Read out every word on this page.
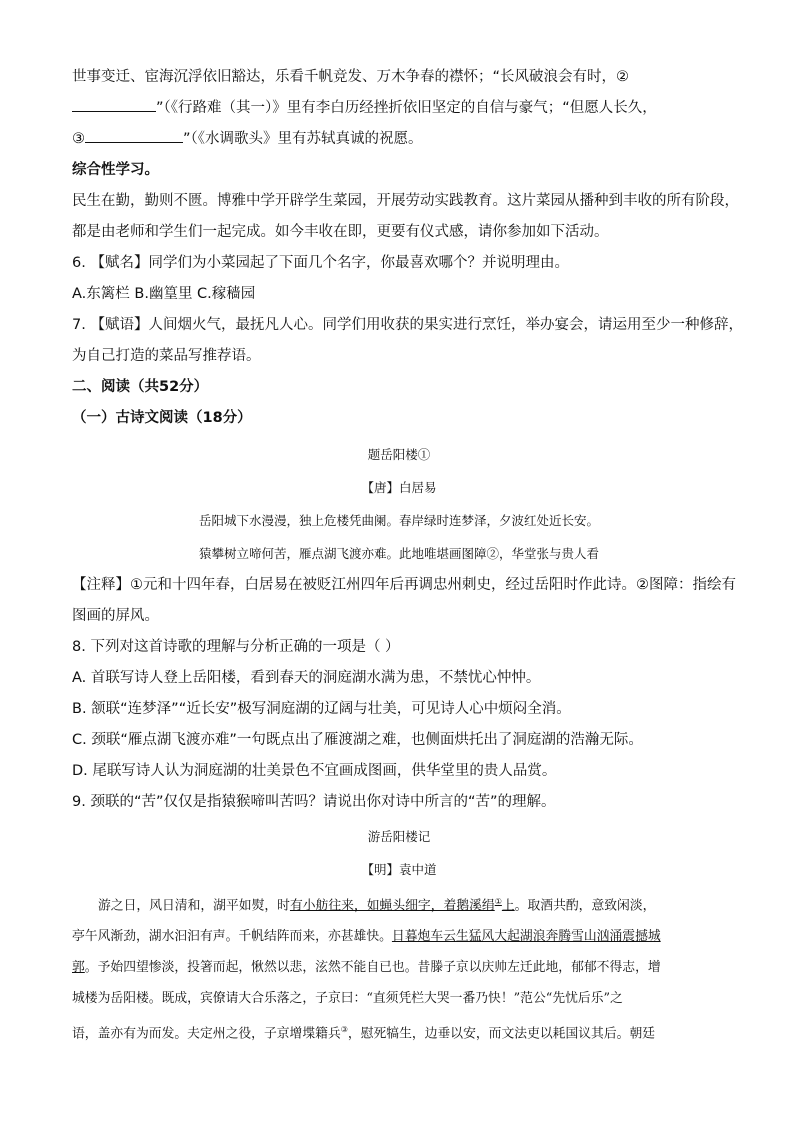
世事变迁、宦海沉浮依旧豁达，乐看千帆竞发、万木争春的襟怀；“长风破浪会有时，②
”（《行路难（其一）》里有李白历经挫折依旧坚定的自信与豪气；“但愿人长久，
③	”（《水调歌头》里有苏轼真诚的祝愿。
综合性学习。
民生在勤，勤则不匮。博雅中学开辟学生菜园，开展劳动实践教育。这片菜园从播种到丰收的所有阶段，
都是由老师和学生们一起完成。如今丰收在即，更要有仪式感，请你参加如下活动。
6. 【赋名】同学们为小菜园起了下面几个名字，你最喜欢哪个？并说明理由。
A.东篱栏 B.幽篁里 C.稼穑园
7. 【赋语】人间烟火气，最抚凡人心。同学们用收获的果实进行烹饪，举办宴会，请运用至少一种修辞，
为自己打造的菜品写推荐语。
二、阅读（共52分）
（一）古诗文阅读（18分）
题岳阳楼①
【唐】白居易
岳阳城下水漫漫，独上危楼凭曲阑。春岸绿时连梦泽，夕波红处近长安。
猿攀树立啼何苦，雁点湖飞渡亦难。此地唯堪画图障②，华堂张与贵人看
【注释】①元和十四年春，白居易在被贬江州四年后再调忠州刺史，经过岳阳时作此诗。②图障：指绘有
图画的屏风。
8. 下列对这首诗歌的理解与分析正确的一项是（ ）
A. 首联写诗人登上岳阳楼，看到春天的洞庭湖水满为患，不禁忧心忡忡。
B. 颔联“连梦泽”“近长安”极写洞庭湖的辽阔与壮美，可见诗人心中烦闷全消。
C. 颈联“雁点湖飞渡亦难”一句既点出了雁渡湖之难，也侧面烘托出了洞庭湖的浩瀚无际。
D. 尾联写诗人认为洞庭湖的壮美景色不宜画成图画，供华堂里的贵人品赏。
9. 颈联的“苦”仅仅是指猿猴啼叫苦吗？请说出你对诗中所言的“苦”的理解。
游岳阳楼记
【明】袁中道
游之日，风日清和，湖平如熨，时有小舫往来，如蝇头细字，着鹅溪绢①上。取酒共酌，意致闲淡，
亭午风渐劲，湖水汩汩有声。千帆结阵而来，亦甚雄快。日暮炮车云生猛风大起湖浪奔腾雪山汹涌震撼城
郭。予始四望惨淡，投箸而起，愀然以悲，泫然不能自已也。昔滕子京以庆帅左迁此地，郁郁不得志，增
城楼为岳阳楼。既成，宾僚请大合乐落之，子京曰：“直须凭栏大哭一番乃快！”范公“先忧后乐”之
语，盖亦有为而发。夫定州之役，子京增堞籍兵③，慰死犒生，边垂以安，而文法吏以耗国议其后。朝廷
